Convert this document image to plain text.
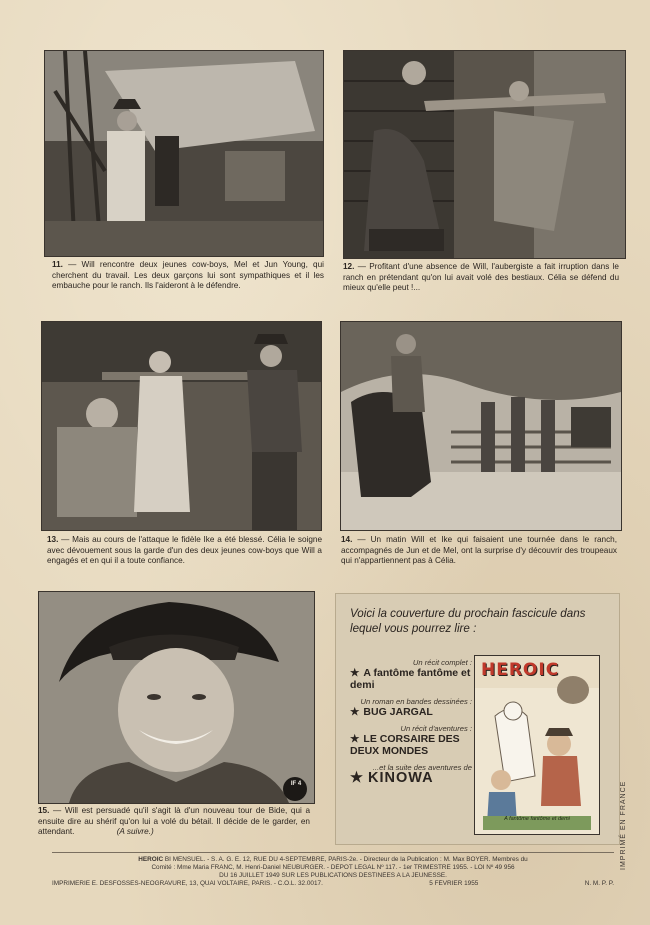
11. — Will rencontre deux jeunes cow-boys, Mel et Jun Young, qui cherchent du travail. Les deux garçons lui sont sympathiques et il les embauche pour le ranch. Ils l'aideront à le défendre.
12. — Profitant d'une absence de Will, l'aubergiste a fait irruption dans le ranch en prétendant qu'on lui avait volé des bestiaux. Célia se défend du mieux qu'elle peut !...
13. — Mais au cours de l'attaque le fidèle Ike a été blessé. Célia le soigne avec dévouement sous la garde d'un des deux jeunes cow-boys que Will a engagés et en qui il a toute confiance.
14. — Un matin Will et Ike qui faisaient une tournée dans le ranch, accompagnés de Jun et de Mel, ont la surprise d'y découvrir des troupeaux qui n'appartiennent pas à Célia.
IF 4
15. — Will est persuadé qu'il s'agit là d'un nouveau tour de Bide, qui a ensuite dire au shérif qu'on lui a volé du bétail. Il décide de le garder, en attendant.	(A suivre.)
Voici la couverture du prochain fascicule dans lequel vous pourrez lire :
Un récit complet :
★ A fantôme fantôme et demi
Un roman en bandes dessinées :
★ BUG JARGAL
Un récit d'aventures :
★ LE CORSAIRE DES DEUX MONDES
...et la suite des aventures de
★ KINOWA
HEROIC
A fantôme fantôme et demi
HEROIC BI MENSUEL. - S. A. G. E. 12, RUE DU 4-SEPTEMBRE, PARIS-2e. - Directeur de la Publication : M. Max BOYER. Membres du
Comité : Mme Maria FRANC, M. Henri-Daniel NEUBURGER. - DÉPOT LÉGAL Nº 117. - 1er TRIMESTRE 1955. - LOI Nº 49 956
DU 16 JUILLET 1949 SUR LES PUBLICATIONS DESTINÉES A LA JEUNESSE.
IMPRIMERIE E. DESFOSSES-NEOGRAVURE, 13, QUAI VOLTAIRE, PARIS. - C.O.L. 32.0017.	5 FÉVRIER 1955	N. M. P. P.
IMPRIMÉ EN FRANCE
